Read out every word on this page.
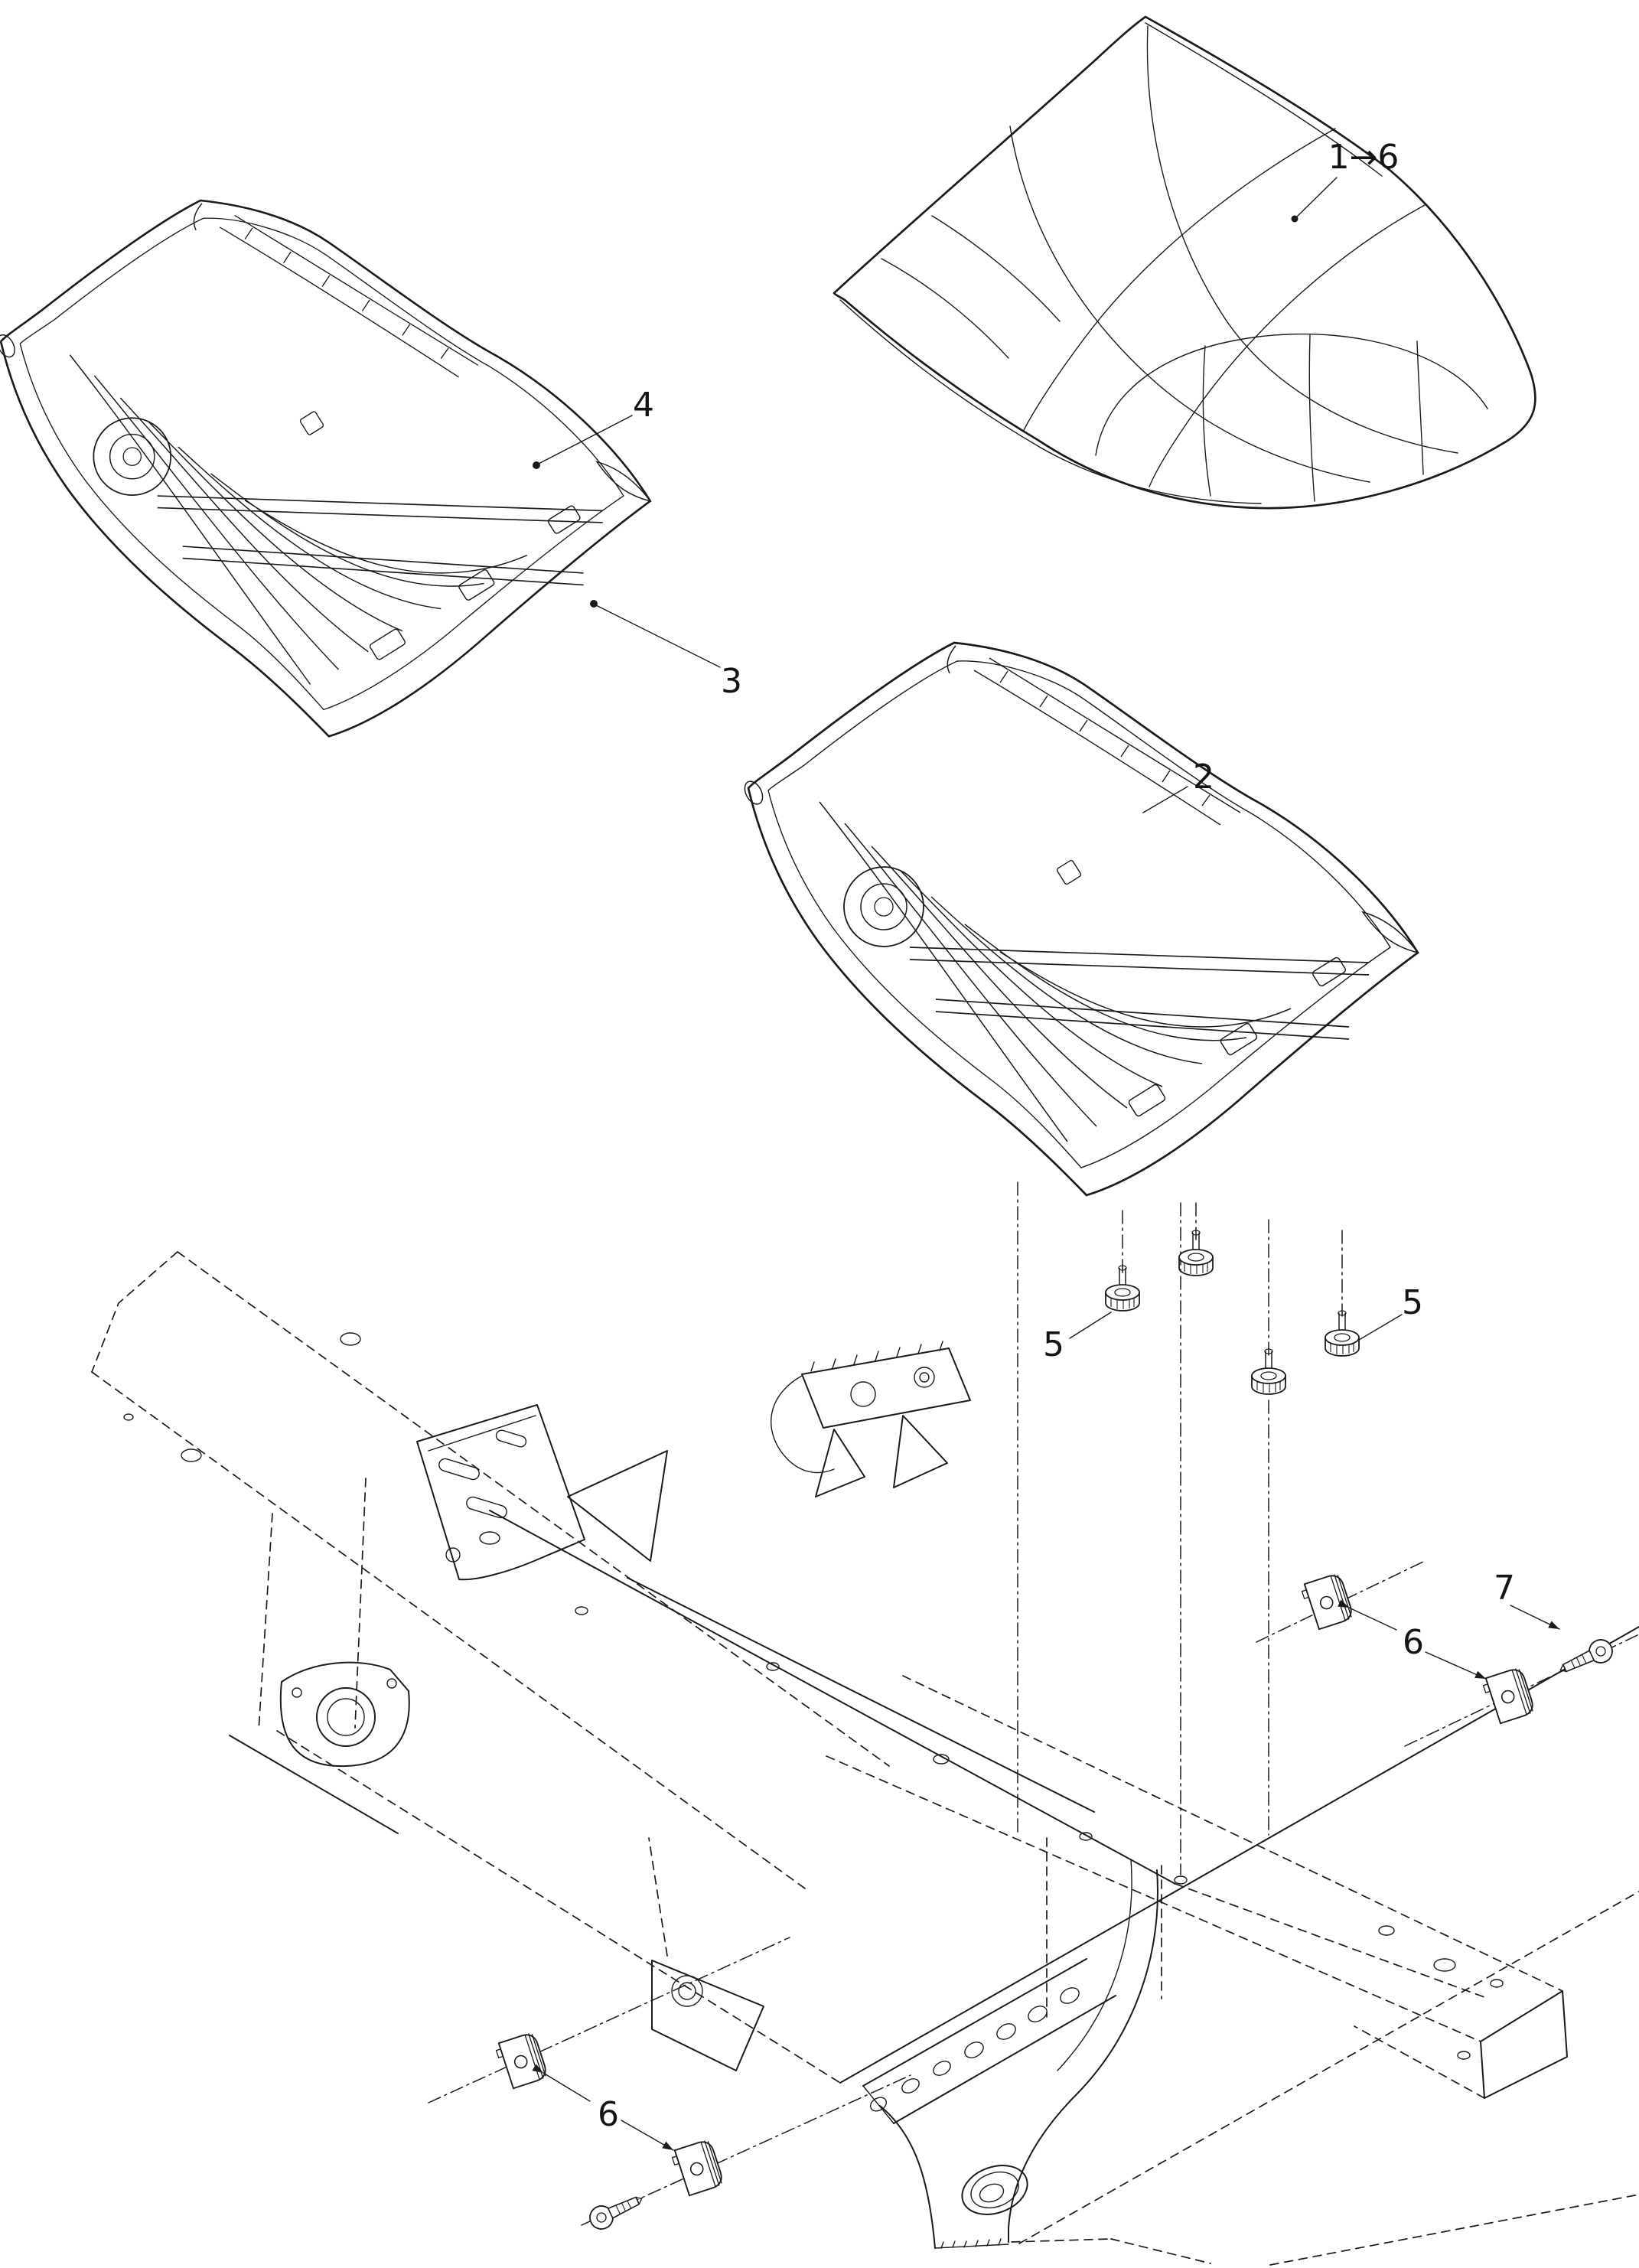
1→6
2
3
4
5
5
6
6
7
